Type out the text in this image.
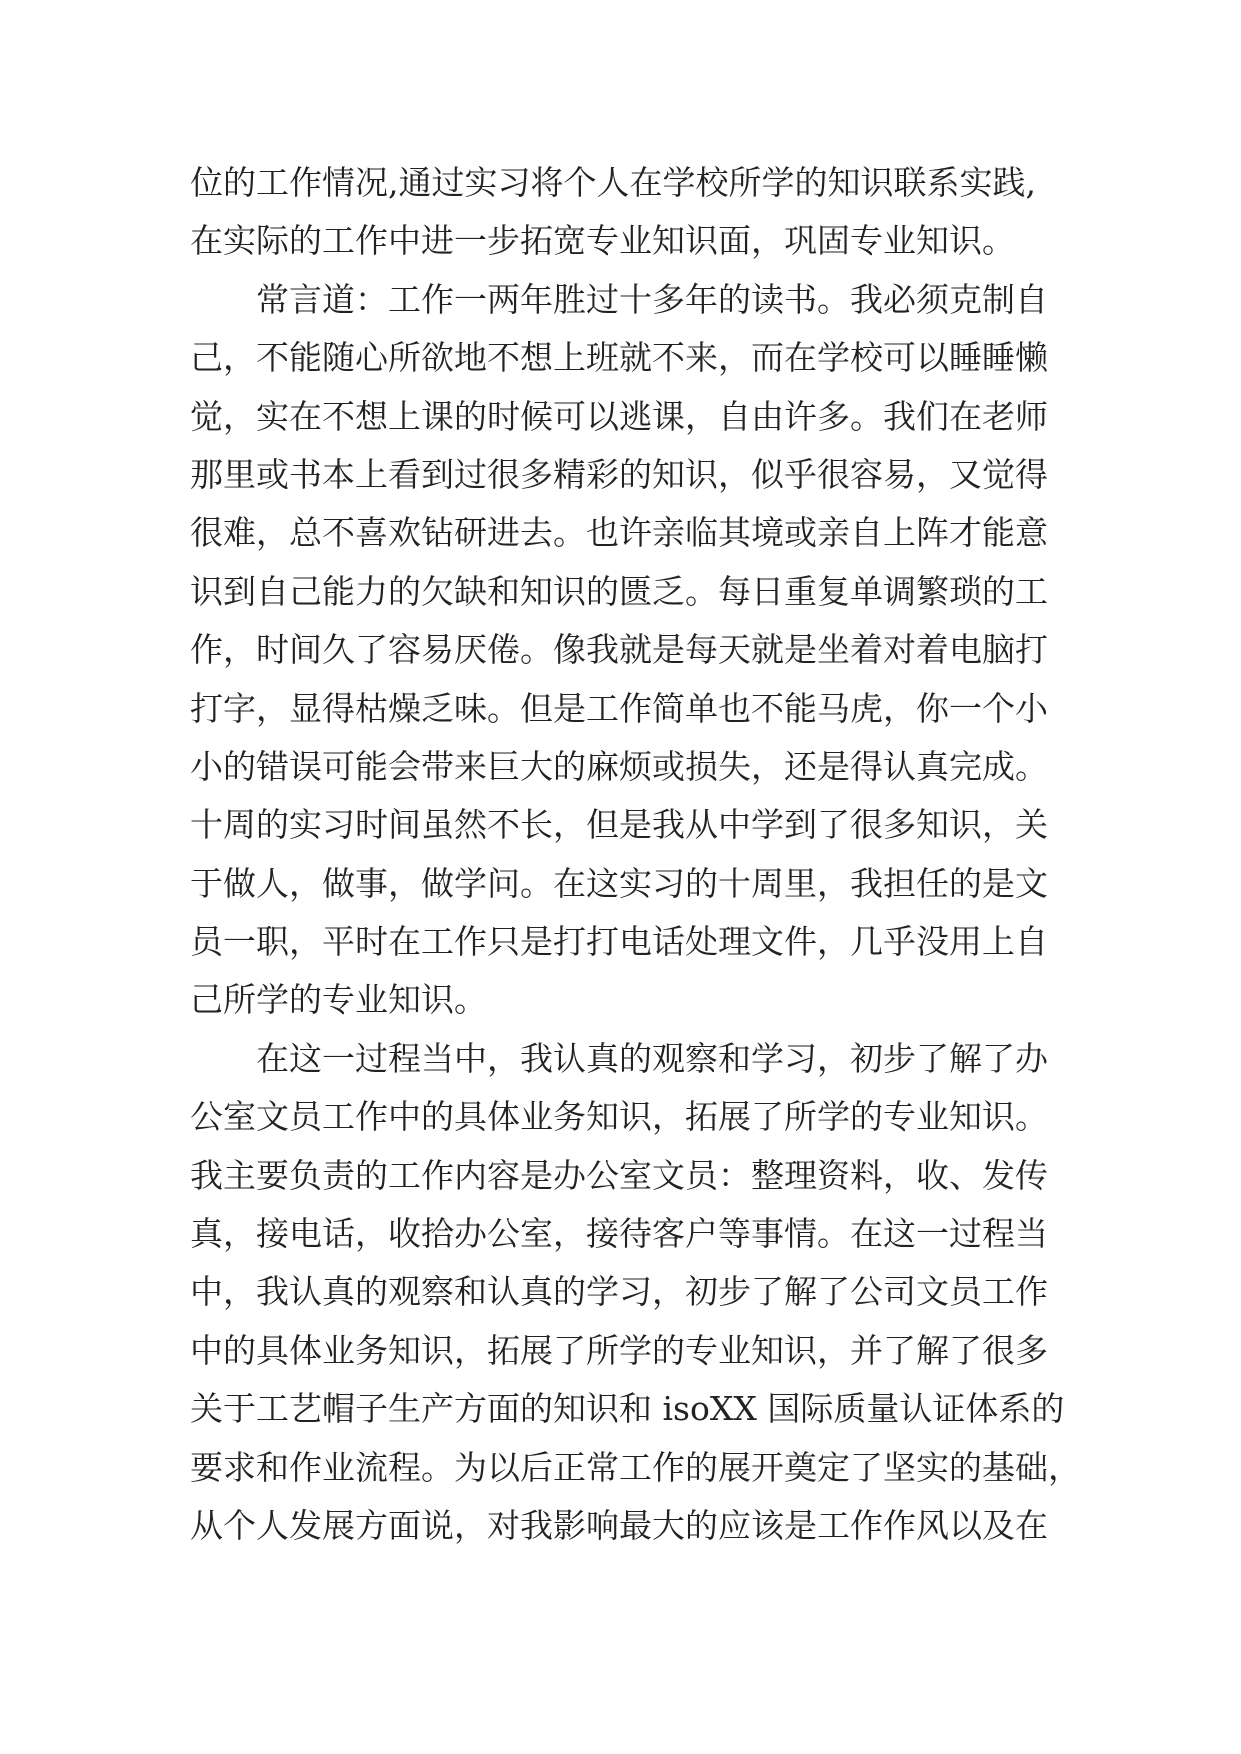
位的工作情况,通过实习将个人在学校所学的知识联系实践,
在实际的工作中进一步拓宽专业知识面，巩固专业知识。
常言道：工作一两年胜过十多年的读书。我必须克制自
己，不能随心所欲地不想上班就不来，而在学校可以睡睡懒
觉，实在不想上课的时候可以逃课，自由许多。我们在老师
那里或书本上看到过很多精彩的知识，似乎很容易，又觉得
很难，总不喜欢钻研进去。也许亲临其境或亲自上阵才能意
识到自己能力的欠缺和知识的匮乏。每日重复单调繁琐的工
作，时间久了容易厌倦。像我就是每天就是坐着对着电脑打
打字，显得枯燥乏味。但是工作简单也不能马虎，你一个小
小的错误可能会带来巨大的麻烦或损失，还是得认真完成。
十周的实习时间虽然不长，但是我从中学到了很多知识，关
于做人，做事，做学问。在这实习的十周里，我担任的是文
员一职，平时在工作只是打打电话处理文件，几乎没用上自
己所学的专业知识。
在这一过程当中，我认真的观察和学习，初步了解了办
公室文员工作中的具体业务知识，拓展了所学的专业知识。
我主要负责的工作内容是办公室文员：整理资料，收、发传
真，接电话，收拾办公室，接待客户等事情。在这一过程当
中，我认真的观察和认真的学习，初步了解了公司文员工作
中的具体业务知识，拓展了所学的专业知识，并了解了很多
关于工艺帽子生产方面的知识和 isoXX 国际质量认证体系的
要求和作业流程。为以后正常工作的展开奠定了坚实的基础，
从个人发展方面说，对我影响最大的应该是工作作风以及在
